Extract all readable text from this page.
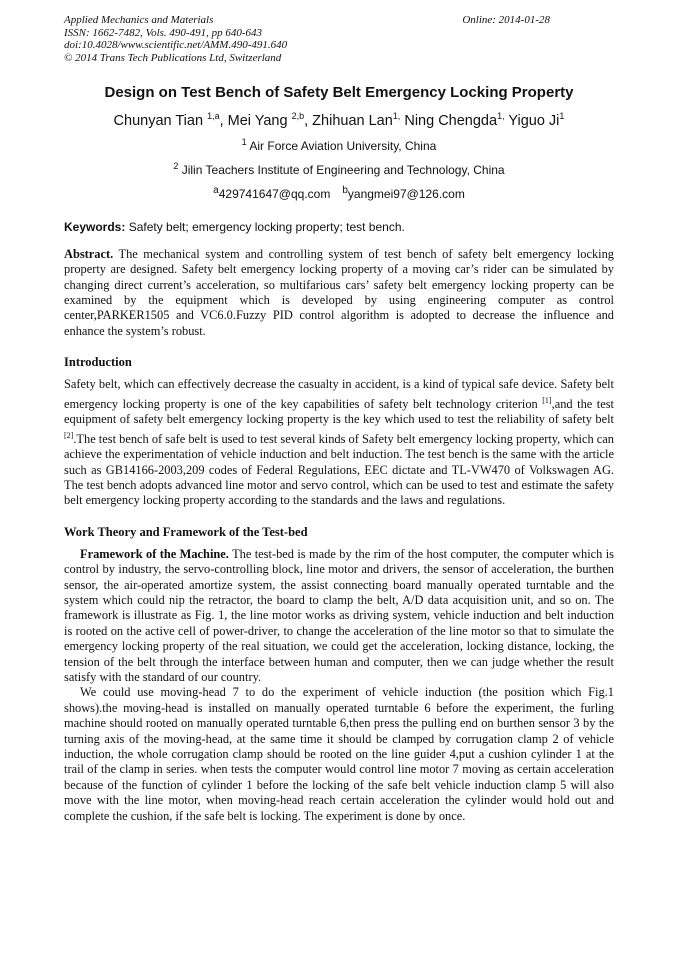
Applied Mechanics and Materials
ISSN: 1662-7482, Vols. 490-491, pp 640-643
doi:10.4028/www.scientific.net/AMM.490-491.640
© 2014 Trans Tech Publications Ltd, Switzerland
Online: 2014-01-28
Design on Test Bench of Safety Belt Emergency Locking Property
Chunyan Tian $^{1,a}$, Mei Yang $^{2,b}$, Zhihuan Lan$^{1,}$ Ning Chengda$^{1,}$ Yiguo Ji$^1$
$^1$ Air Force Aviation University, China
$^2$ Jilin Teachers Institute of Engineering and Technology, China
$^a$429741647@qq.com $^b$yangmei97@126.com
Keywords: Safety belt; emergency locking property; test bench.

Abstract. The mechanical system and controlling system of test bench of safety belt emergency locking property are designed. Safety belt emergency locking property of a moving car’s rider can be simulated by changing direct current’s acceleration, so multifarious cars’ safety belt emergency locking property can be examined by the equipment which is developed by using engineering computer as control center,PARKER1505 and VC6.0.Fuzzy PID control algorithm is adopted to decrease the influence and enhance the system’s robust.

Introduction

Safety belt, which can effectively decrease the casualty in accident, is a kind of typical safe device. Safety belt emergency locking property is one of the key capabilities of safety belt technology criterion [1],and the test equipment of safety belt emergency locking property is the key which used to test the reliability of safety belt [2].The test bench of safe belt is used to test several kinds of Safety belt emergency locking property, which can achieve the experimentation of vehicle induction and belt induction. The test bench is the same with the article such as GB14166-2003,209 codes of Federal Regulations, EEC dictate and TL-VW470 of Volkswagen AG. The test bench adopts advanced line motor and servo control, which can be used to test and estimate the safety belt emergency locking property according to the standards and the laws and regulations.

Work Theory and Framework of the Test-bed

Framework of the Machine. The test-bed is made by the rim of the host computer, the computer which is control by industry, the servo-controlling block, line motor and drivers, the sensor of acceleration, the burthen sensor, the air-operated amortize system, the assist connecting board manually operated turntable and the system which could nip the retractor, the board to clamp the belt, A/D data acquisition unit, and so on. The framework is illustrate as Fig. 1, the line motor works as driving system, vehicle induction and belt induction is rooted on the active cell of power-driver, to change the acceleration of the line motor so that to simulate the emergency locking property of the real situation, we could get the acceleration, locking distance, locking, the tension of the belt through the interface between human and computer, then we can judge whether the result satisfy with the standard of our country.

We could use moving-head 7 to do the experiment of vehicle induction (the position which Fig.1 shows).the moving-head is installed on manually operated turntable 6 before the experiment, the furling machine should rooted on manually operated turntable 6,then press the pulling end on burthen sensor 3 by the turning axis of the moving-head, at the same time it should be clamped by corrugation clamp 2 of vehicle induction, the whole corrugation clamp should be rooted on the line guider 4,put a cushion cylinder 1 at the trail of the clamp in series. when tests the computer would control line motor 7 moving as certain acceleration because of the function of cylinder 1 before the locking of the safe belt vehicle induction clamp 5 will also move with the line motor, when moving-head reach certain acceleration the cylinder would hold out and complete the cushion, if the safe belt is locking. The experiment is done by once.
